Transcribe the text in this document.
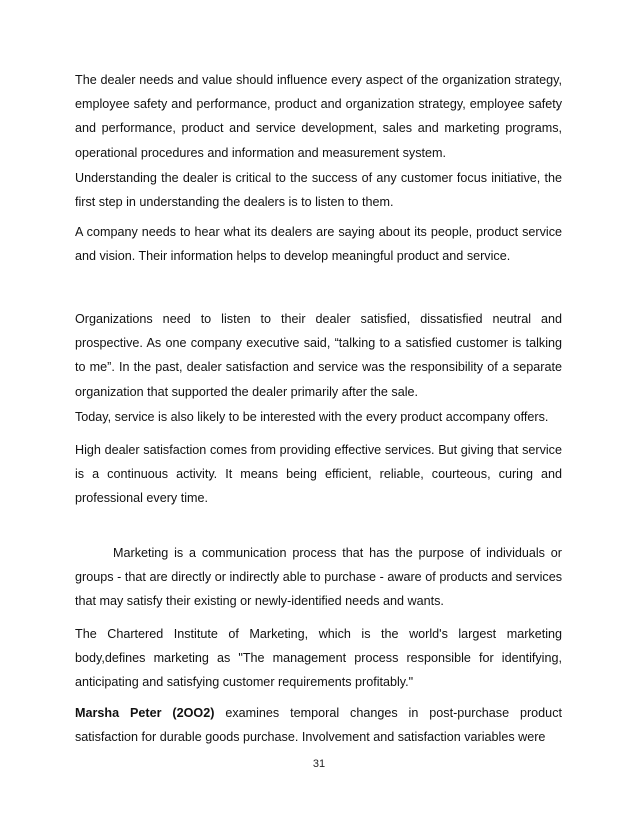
The dealer needs and value should influence every aspect of the organization strategy, employee safety and performance, product and organization strategy, employee safety and performance, product and service development, sales and marketing programs, operational procedures and information and measurement system.

Understanding the dealer is critical to the success of any customer focus initiative, the first step in understanding the dealers is to listen to them.

A company needs to hear what its dealers are saying about its people, product service and vision. Their information helps to develop meaningful product and service.

Organizations need to listen to their dealer satisfied, dissatisfied neutral and prospective. As one company executive said, “talking to a satisfied customer is talking to me”. In the past, dealer satisfaction and service was the responsibility of a separate organization that supported the dealer primarily after the sale.

Today, service is also likely to be interested with the every product accompany offers.

High dealer satisfaction comes from providing effective services. But giving that service is a continuous activity. It means being efficient, reliable, courteous, curing and professional every time.

Marketing is a communication process that has the purpose of individuals or groups - that are directly or indirectly able to purchase - aware of products and services that may satisfy their existing or newly-identified needs and wants.

The Chartered Institute of Marketing, which is the world's largest marketing body,defines marketing as "The management process responsible for identifying, anticipating and satisfying customer requirements profitably."

Marsha Peter (2OO2) examines temporal changes in post-purchase product satisfaction for durable goods purchase. Involvement and satisfaction variables were

31
